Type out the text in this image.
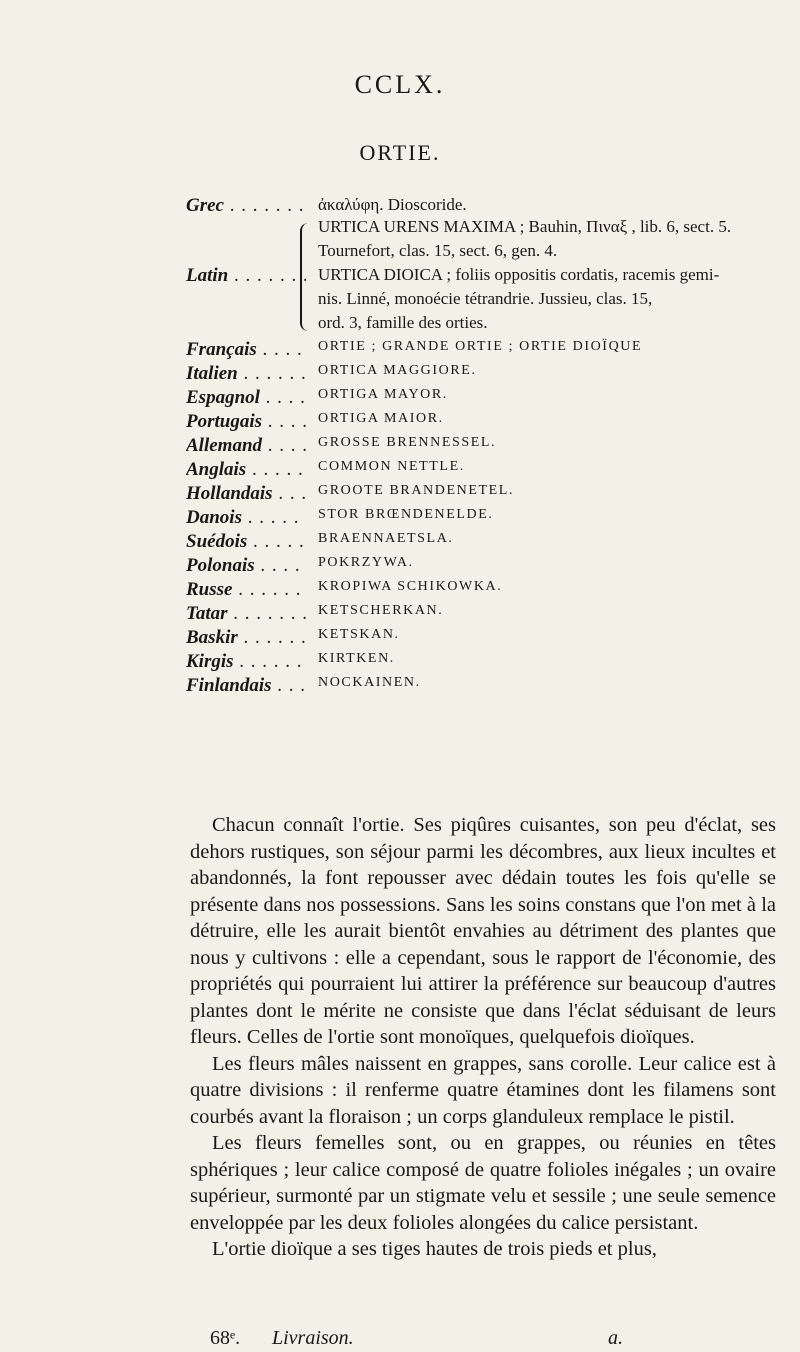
CCLX.
ORTIE.
Grec . . .	ἀκαλύφη. Dioscoride.
Latin . . .
URTICA URENS MAXIMA ; Bauhin, Πιναξ , lib. 6, sect. 5.
Tournefort, clas. 15, sect. 6, gen. 4.
URTICA DIOICA ; foliis oppositis cordatis, racemis gemi-
nis. Linné, monoécie tétrandrie. Jussieu, clas. 15,
ord. 3, famille des orties.
Français . . .	ORTIE ; GRANDE ORTIE ; ORTIE DIOÏQUE
Italien . . .	ORTICA MAGGIORE.
Espagnol . . .	ORTIGA MAYOR.
Portugais . . .	ORTIGA MAIOR.
Allemand . . .	GROSSE BRENNESSEL.
Anglais . . .	COMMON NETTLE.
Hollandais . . .	GROOTE BRANDENETEL.
Danois . . .	STOR BRŒNDENELDE.
Suédois . . .	BRAENNAETSLA.
Polonais . . .	POKRZYWA.
Russe . . .	KROPIWA SCHIKOWKA.
Tatar . . .	KETSCHERKAN.
Baskir . . .	KETSKAN.
Kirgis . . .	KIRTKEN.
Finlandais . . .	NOCKAINEN.

Chacun connaît l'ortie. Ses piqûres cuisantes, son peu d'éclat, ses dehors rustiques, son séjour parmi les décombres, aux lieux incultes et abandonnés, la font repousser avec dédain toutes les fois qu'elle se présente dans nos possessions. Sans les soins constans que l'on met à la détruire, elle les aurait bientôt envahies au détriment des plantes que nous y cultivons : elle a cependant, sous le rapport de l'économie, des propriétés qui pourraient lui attirer la préférence sur beaucoup d'autres plantes dont le mérite ne consiste que dans l'éclat séduisant de leurs fleurs. Celles de l'ortie sont monoïques, quelquefois dioïques.

Les fleurs mâles naissent en grappes, sans corolle. Leur calice est à quatre divisions : il renferme quatre étamines dont les filamens sont courbés avant la floraison ; un corps glanduleux remplace le pistil.

Les fleurs femelles sont, ou en grappes, ou réunies en têtes sphériques ; leur calice composé de quatre folioles inégales ; un ovaire supérieur, surmonté par un stigmate velu et sessile ; une seule semence enveloppée par les deux folioles alongées du calice persistant.

L'ortie dioïque a ses tiges hautes de trois pieds et plus,

68ᵉ. Livraison.	a.
